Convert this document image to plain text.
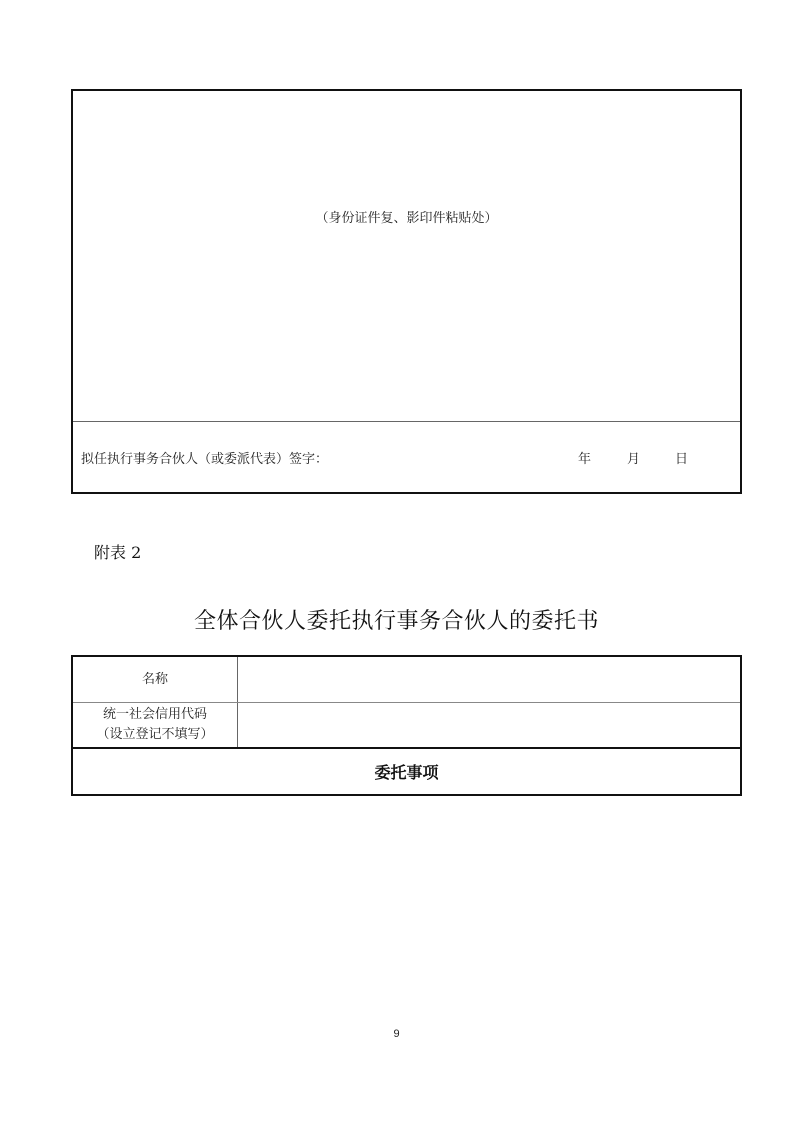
（身份证件复、影印件粘贴处）
拟任执行事务合伙人（或委派代表）签字：	年	月	日
附表 2
全体合伙人委托执行事务合伙人的委托书
名称
统一社会信用代码
（设立登记不填写）
委托事项
9
